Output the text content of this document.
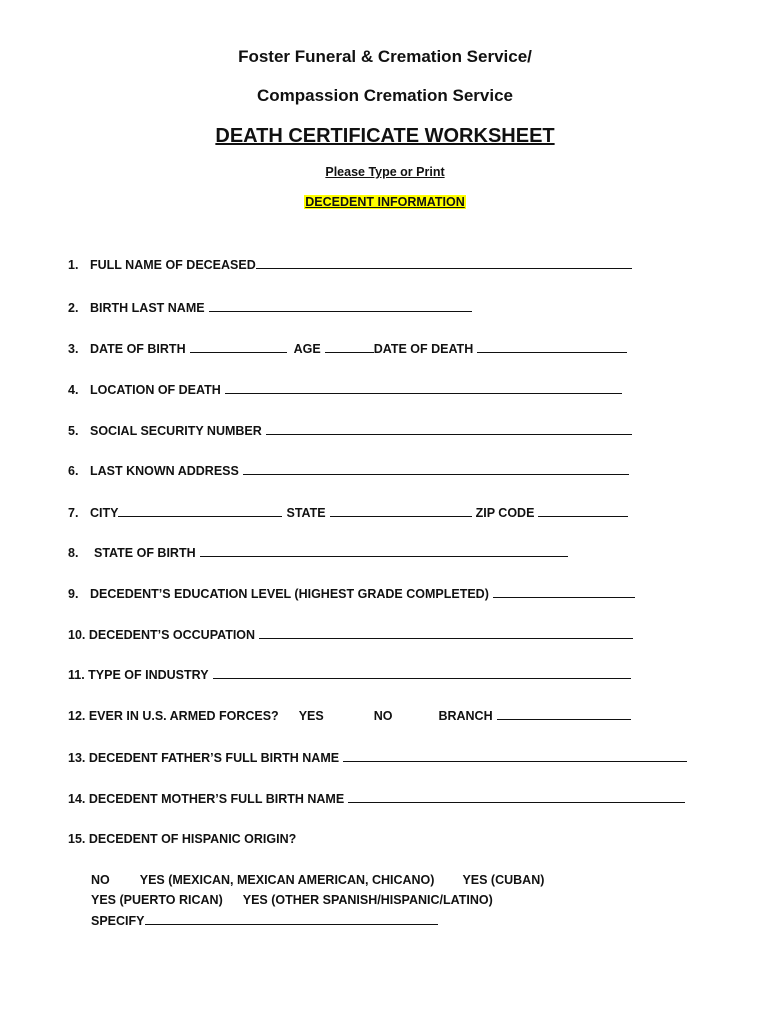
Foster Funeral & Cremation Service/
Compassion Cremation Service
DEATH CERTIFICATE WORKSHEET
Please Type or Print
DECEDENT INFORMATION
1. FULL NAME OF DECEASED
2. BIRTH LAST NAME
3. DATE OF BIRTH	AGE	DATE OF DEATH
4. LOCATION OF DEATH
5. SOCIAL SECURITY NUMBER
6. LAST KNOWN ADDRESS
7. CITY	STATE	ZIP CODE
8. STATE OF BIRTH
9. DECEDENT’S EDUCATION LEVEL (HIGHEST GRADE COMPLETED)
10. DECEDENT’S OCCUPATION
11. TYPE OF INDUSTRY
12. EVER IN U.S. ARMED FORCES? YES	NO	BRANCH
13. DECEDENT FATHER’S FULL BIRTH NAME
14. DECEDENT MOTHER’S FULL BIRTH NAME
15. DECEDENT OF HISPANIC ORIGIN?
NO YES (MEXICAN, MEXICAN AMERICAN, CHICANO) YES (CUBAN)
YES (PUERTO RICAN) YES (OTHER SPANISH/HISPANIC/LATINO)
SPECIFY
